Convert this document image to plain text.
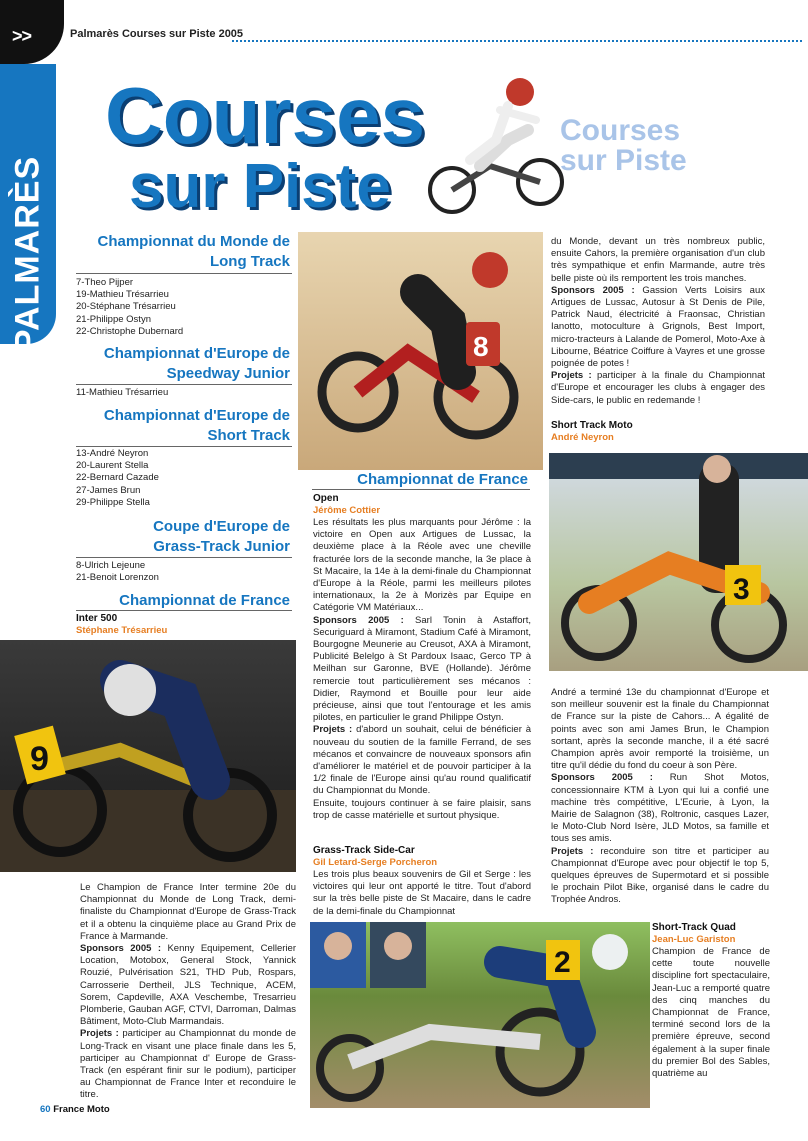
>>
PALMARÈS
Palmarès Courses sur Piste 2005
Courses
sur Piste
Courses
sur Piste
Championnat du Monde de
Long Track
7-Theo Pijper
19-Mathieu Trésarrieu
20-Stéphane Trésarrieu
21-Philippe Ostyn
22-Christophe Dubernard
Championnat d'Europe de
Speedway Junior
11-Mathieu Trésarrieu
Championnat d'Europe de
Short Track
13-André Neyron
20-Laurent Stella
22-Bernard Cazade
27-James Brun
29-Philippe Stella
Coupe d'Europe de
Grass-Track Junior
8-Ulrich Lejeune
21-Benoit Lorenzon
Championnat de France
Inter 500
Stéphane Trésarrieu
9

Le Champion de France Inter termine 20e du Championnat du Monde de Long Track, demi-finaliste du Championnat d'Europe de Grass-Track et il a obtenu la cinquième place au Grand Prix de France à Marmande.

Sponsors 2005 : Kenny Equipement, Cellerier Location, Motobox, General Stock, Yannick Rouzié, Pulvérisation S21, THD Pub, Rospars, Carrosserie Dertheil, JLS Technique, ACEM, Sorem, Capdeville, AXA Veschembe, Tresarrieu Plomberie, Gauban AGF, CTVI, Darroman, Dalmas Bâtiment, Moto-Club Marmandais.

Projets : participer au Championnat du monde de Long-Track en visant une place finale dans les 5, participer au Championnat d' Europe de Grass-Track (en espérant finir sur le podium), participer au Championnat de France Inter et reconduire le titre.

8
Championnat de France
Open
Jérôme Cottier

Les résultats les plus marquants pour Jérôme : la victoire en Open aux Artigues de Lussac, la deuxième place à la Réole avec une cheville fracturée lors de la seconde manche, la 3e place à St Macaire, la 14e à la demi-finale du Championnat d'Europe à la Réole, parmi les meilleurs pilotes internationaux, la 2e à Morizès par Equipe en Catégorie VM Matériaux...

Sponsors 2005 : Sarl Tonin à Astaffort, Securiguard à Miramont, Stadium Café à Miramont, Bourgogne Meunerie au Creusot, AXA à Miramont, Publicité Belelgo à St Pardoux Isaac, Gerco TP à Meilhan sur Garonne, BVE (Hollande). Jérôme remercie tout particulièrement ses mécanos : Didier, Raymond et Bouille pour leur aide précieuse, ainsi que tout l'entourage et les amis pilotes, en particulier le grand Philippe Ostyn.

Projets : d'abord un souhait, celui de bénéficier à nouveau du soutien de la famille Ferrand, de ses mécanos et convaincre de nouveaux sponsors afin d'améliorer le matériel et de pouvoir participer à la 1/2 finale de l'Europe ainsi qu'au round qualificatif du Championnat du Monde.

Ensuite, toujours continuer à se faire plaisir, sans trop de casse matérielle et surtout physique.

Grass-Track Side-Car
Gil Letard-Serge Porcheron
Les trois plus beaux souvenirs de Gil et Serge : les victoires qui leur ont apporté le titre. Tout d'abord sur la très belle piste de St Macaire, dans le cadre de la demi-finale du Championnat

du Monde, devant un très nombreux public, ensuite Cahors, la première organisation d'un club très sympathique et enfin Marmande, autre très belle piste où ils remportent les trois manches.

Sponsors 2005 : Gassion Verts Loisirs aux Artigues de Lussac, Autosur à St Denis de Pile, Patrick Naud, électricité à Fraonsac, Christian Ianotto, motoculture à Grignols, Best Import, micro-tracteurs à Lalande de Pomerol, Moto-Axe à Libourne, Béatrice Coiffure à Vayres et une grosse poignée de potes !

Projets : participer à la finale du Championnat d'Europe et encourager les clubs à engager des Side-cars, le public en redemande !

Short Track Moto
André Neyron
3

André a terminé 13e du championnat d'Europe et son meilleur souvenir est la finale du Championnat de France sur la piste de Cahors... A égalité de points avec son ami James Brun, le Champion sortant, après la seconde manche, il a été sacré Champion après avoir remporté la troisième, un titre qu'il dédie du fond du coeur à son Père.

Sponsors 2005 : Run Shot Motos, concessionnaire KTM à Lyon qui lui a confié une machine très compétitive, L'Ecurie, à Lyon, la Mairie de Salagnon (38), Roltronic, casques Lazer, le Moto-Club Nord Isère, JLD Motos, sa famille et tous ses amis.

Projets : reconduire son titre et participer au Championnat d'Europe avec pour objectif le top 5, quelques épreuves de Supermotard et si possible le prochain Pilot Bike, organisé dans le cadre du Trophée Andros.

2
Short-Track Quad
Jean-Luc Gariston
Champion de France de cette toute nouvelle discipline fort spectaculaire, Jean-Luc a remporté quatre des cinq manches du Championnat de France, terminé second lors de la première épreuve, second également à la super finale du premier Bol des Sables, quatrième au
60 France Moto
